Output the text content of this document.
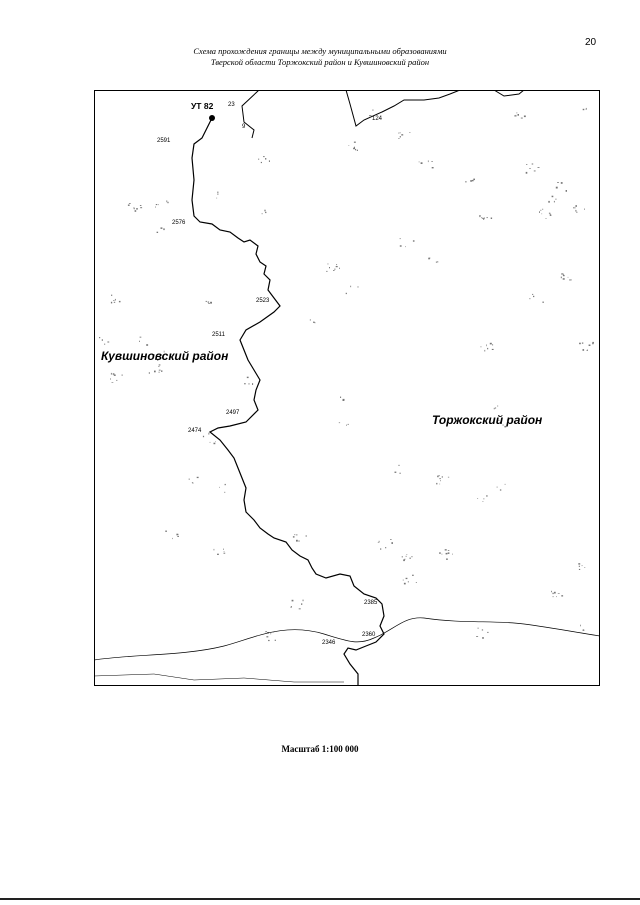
20
Схема прохождения границы между муниципальными образованиями
Тверской области Торжокский район и Кувшиновский район
УТ 82 23
9
2591
124
2576
2523
2511
2497
2474
2385
2360
2346
Кувшиновский район
Торжокский район
Масштаб 1:100 000
